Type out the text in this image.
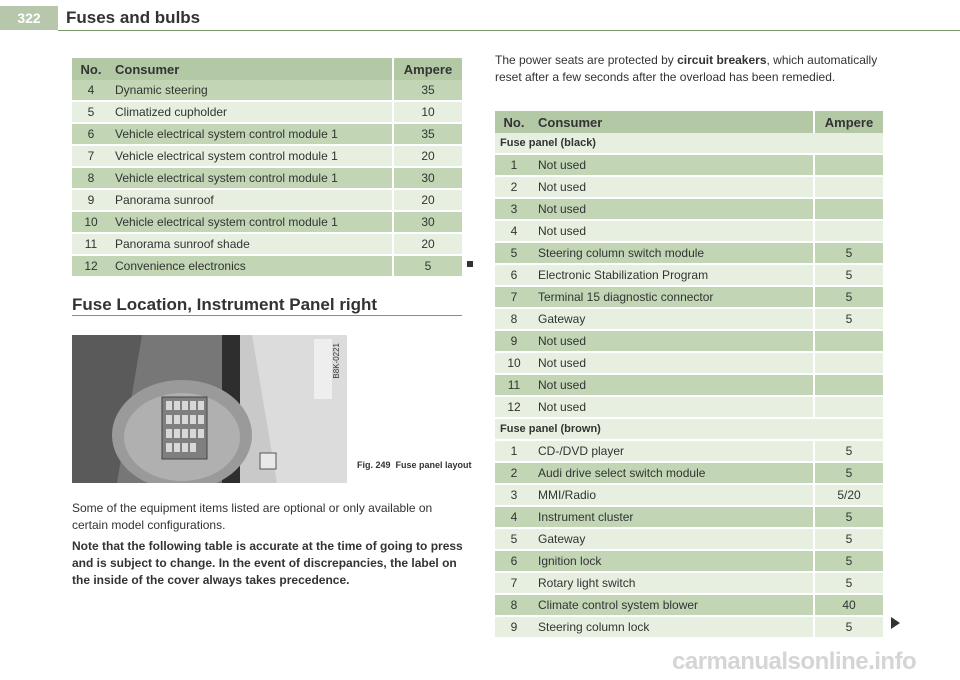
322	Fuses and bulbs
No.	Consumer	Ampere
4	Dynamic steering	35
5	Climatized cupholder	10
6	Vehicle electrical system control module 1	35
7	Vehicle electrical system control module 1	20
8	Vehicle electrical system control module 1	30
9	Panorama sunroof	20
10	Vehicle electrical system control module 1	30
11	Panorama sunroof shade	20
12	Convenience electronics	5
Fuse Location, Instrument Panel right
B8K-0221
Fig. 249 Fuse panel layout

Some of the equipment items listed are optional or only available on certain model configurations.

Note that the following table is accurate at the time of going to press and is subject to change. In the event of discrepancies, the label on the inside of the cover always takes precedence.

The power seats are protected by circuit breakers, which automatically reset after a few seconds after the overload has been remedied.

No.	Consumer	Ampere
Fuse panel (black)		
1	Not used	
2	Not used	
3	Not used	
4	Not used	
5	Steering column switch module	5
6	Electronic Stabilization Program	5
7	Terminal 15 diagnostic connector	5
8	Gateway	5
9	Not used	
10	Not used	
11	Not used	
12	Not used	
Fuse panel (brown)		
1	CD-/DVD player	5
2	Audi drive select switch module	5
3	MMI/Radio	5/20
4	Instrument cluster	5
5	Gateway	5
6	Ignition lock	5
7	Rotary light switch	5
8	Climate control system blower	40
9	Steering column lock	5
carmanualsonline.info
